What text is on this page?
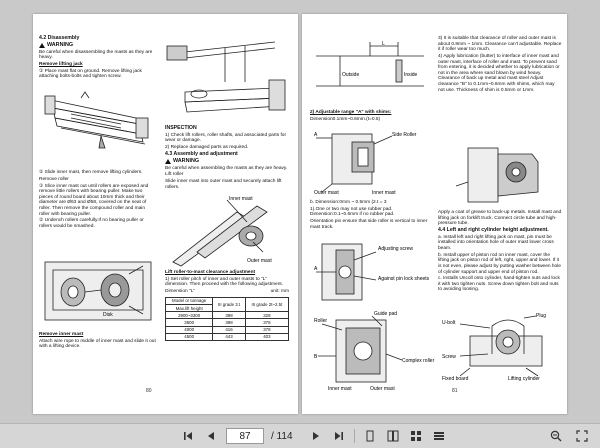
4.2 Disassembly
WARNING

Be careful when disassembling the masts as they are heavy.

Remove lifting jack

① Place mast flat on ground. Remove lifting jack attaching bolts-bolts and tighten screw.

② Slide inner mast, then remove lifting cylinders.

Remove roller

① Slice inner mast out until rollers are exposed and remove little rollers with bearing puller. Make two pieces of round board about 10mm thick and their diameter are Ø63 and Ø58, covered on the seat of roller. Then remove the compound roller and main roller with bearing puller.

② Undench rollers carefully.If no bearing puller or rollers would be smashed.

Disk

Remove inner mast

Attach wire rope to middle of inner mast and slide it out with a lifting device.

INSPECTION

1) Check lift rollers, roller shafts, and associated parts for wear or damage.

2) Replace damaged parts as required.

4.3 Assembly and adjustment
WARNING

Be careful when assembling the masts as they are heavy.

Lift roller

Slide inner mast into outer mast and securely attach lift rollers.

Inner mast
Outer mast

Lift roller-to-mast clearance adjustment

1) Set roller pitch of inner and outer masts to "L" dimension. Then proceed with the following adjustment.

Dimension "L"	unit: mm
Model or tonnage	III grade 3.t	III grade 2t~2.5t
Max.lift height		
2900~3300	398	328
3600	398	378
4000	416	378
4500	443	403
80
L
Outside	Inside

2) Adjustable range "A" with shims:

Dimension0.1mm~0.6mm.(t=0.5)

A	Side Roller
Outer mast	Inner mast

b. Dimension:0mm ~ 0.5mm (2.t = 3

1).One or two may not use rubber pad. Dimension:0.1~0.6mm if no rubber pad.

Orientation pin ensure that side roller is vertical to inner mast track.

A
Adjusting screw
Against pin lock sheets
Roller
Guide pad
Complex roller
B
Inner mast	Outer mast

3) It is suitable that clearance of roller and outer mast is about 0.8mm ~ 1mm. Clearance can't adjustable. Replace it if roller wear too much.

4) Apply lubrication (butter) to interface of inner mast and outer mast, interface of roller and mast. To prevent sand from entering, it is decided whether to apply lubrication or not in the area where sand blown by wind heavy. Clearance of back up metal and mast steel Adjust clearance "B" to 0.1mm~0.6mm with shims, which may not use. Thickness of shim is 0.5mm or 1mm.

Apply a coat of grease to back-up metals. Install mast and lifting jack on forklift truck. Connect circle tube and high-pressure tube.

4.4 Left and right cylinder height adjustment.

a. Install left and right lifting jack on mast, pin must be installed into orientation hole of outer mast lower cross beam.

b. Install upper of piston rod on inner mast, cover the lifting jack on piston rod of left, right, upper and lower. If it is not even, please adjust by putting washer between hole of cylinder support and upper end of piston rod.

c. Installs Uncoll onto cylinder, hand-tighten nuts and lock it with two tighten nuts. Screw down tighten bolt and nuts to avoiding loosing.

U-bolt
Plug
Screw
Fixed board	Lifting cylinder
81
87
/ 114
